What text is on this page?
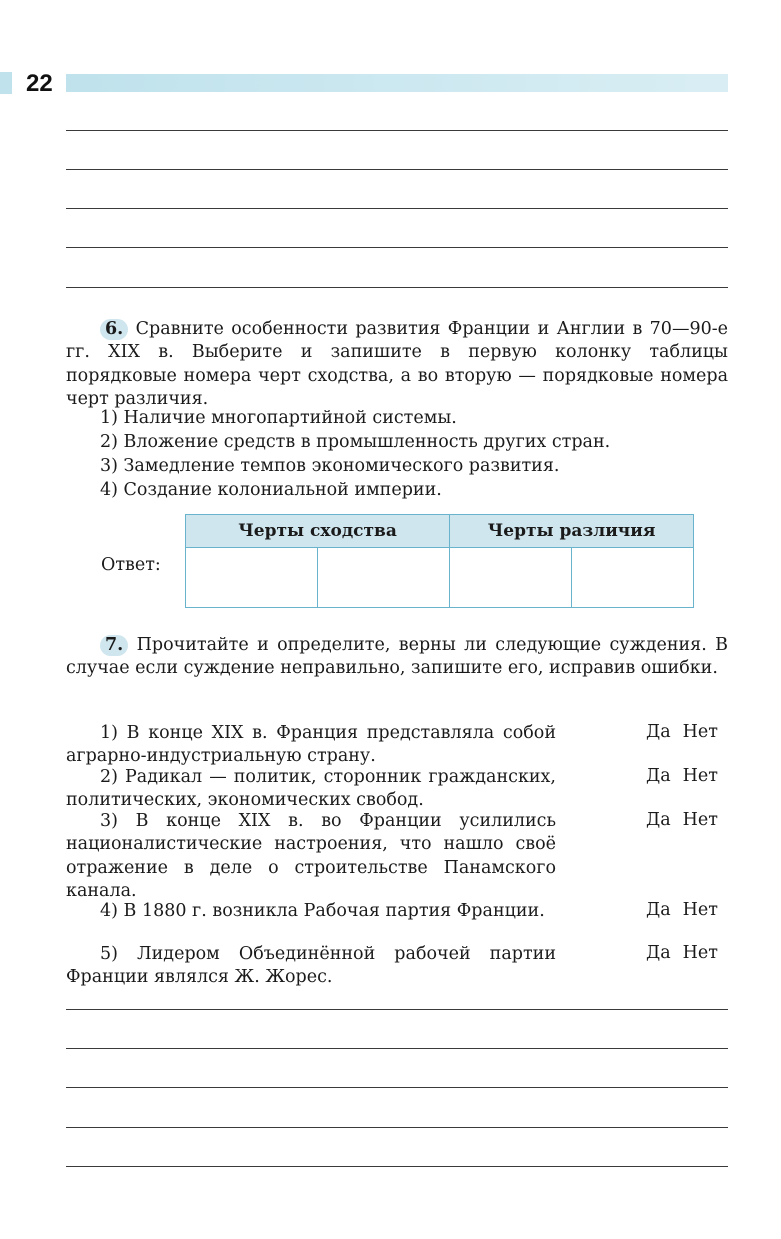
22
6. Сравните особенности развития Франции и Англии в 70—90-е гг. XIX в. Выберите и запишите в первую колонку таблицы порядковые номера черт сходства, а во вторую — порядковые номера черт различия.
1) Наличие многопартийной системы.
2) Вложение средств в промышленность других стран.
3) Замедление темпов экономического развития.
4) Создание колониальной империи.
Ответ:
Черты сходства		Черты различия	

7. Прочитайте и определите, верны ли следующие суждения. В случае если суждение неправильно, запишите его, исправив ошибки.
1) В конце XIX в. Франция представляла собой аграрно-индустриальную страну.
Да Нет
2) Радикал — политик, сторонник гражданских, политических, экономических свобод.
Да Нет
3) В конце XIX в. во Франции усилились националистические настроения, что нашло своё отражение в деле о строительстве Панамского канала.
Да Нет
4) В 1880 г. возникла Рабочая партия Франции.	Да Нет
5) Лидером Объединённой рабочей партии Франции являлся Ж. Жорес.
Да Нет
